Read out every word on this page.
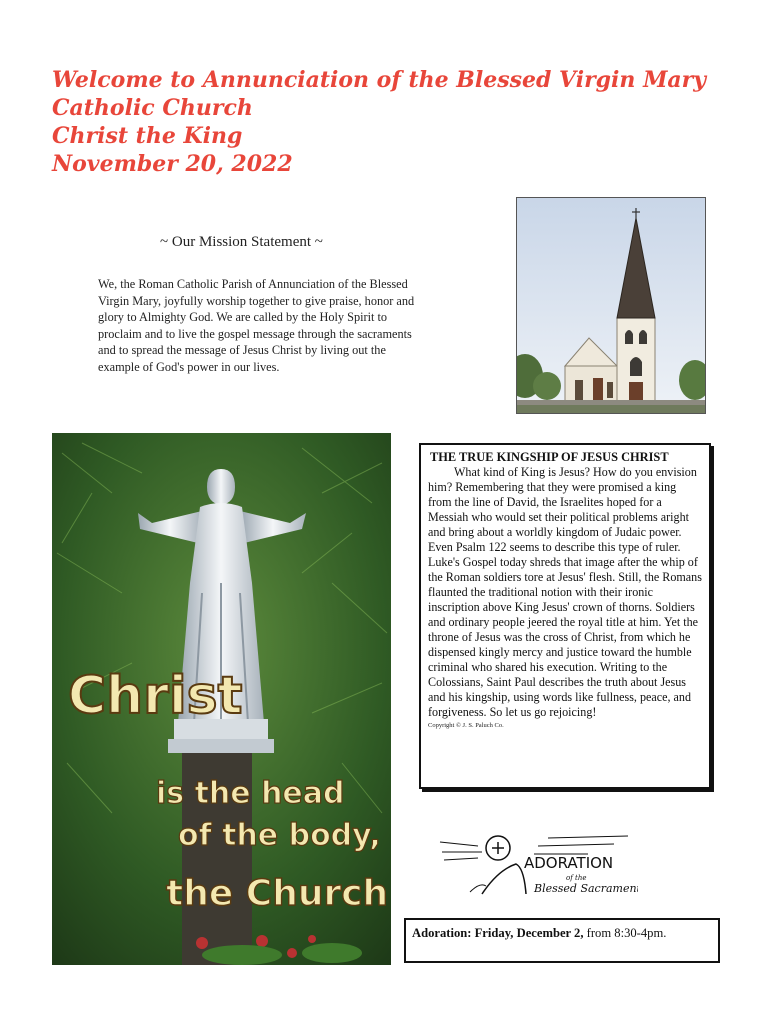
Welcome to Annunciation of the Blessed Virgin Mary
Catholic Church
Christ the King
November 20, 2022
~ Our Mission Statement ~
We, the Roman Catholic Parish of Annunciation of the Blessed Virgin Mary, joyfully worship together to give praise, honor and glory to Almighty God. We are called by the Holy Spirit to proclaim and to live the gospel message through the sacraments and to spread the message of Jesus Christ by living out the example of God's power in our lives.
Christ
is the head
of the body,
the Church
THE TRUE KINGSHIP OF JESUS CHRIST

What kind of King is Jesus? How do you envision him? Remembering that they were promised a king from the line of David, the Israelites hoped for a Messiah who would set their political problems aright and bring about a worldly kingdom of Judaic power. Even Psalm 122 seems to describe this type of ruler. Luke's Gospel today shreds that image after the whip of the Roman soldiers tore at Jesus' flesh. Still, the Romans flaunted the traditional notion with their ironic inscription above King Jesus' crown of thorns. Soldiers and ordinary people jeered the royal title at him. Yet the throne of Jesus was the cross of Christ, from which he dispensed kingly mercy and justice toward the humble criminal who shared his execution. Writing to the Colossians, Saint Paul describes the truth about Jesus and his kingship, using words like fullness, peace, and forgiveness. So let us go rejoicing!

Copyright © J. S. Paluch Co.
ADORATION
of the
Blessed Sacrament
Adoration: Friday, December 2, from 8:30-4pm.
